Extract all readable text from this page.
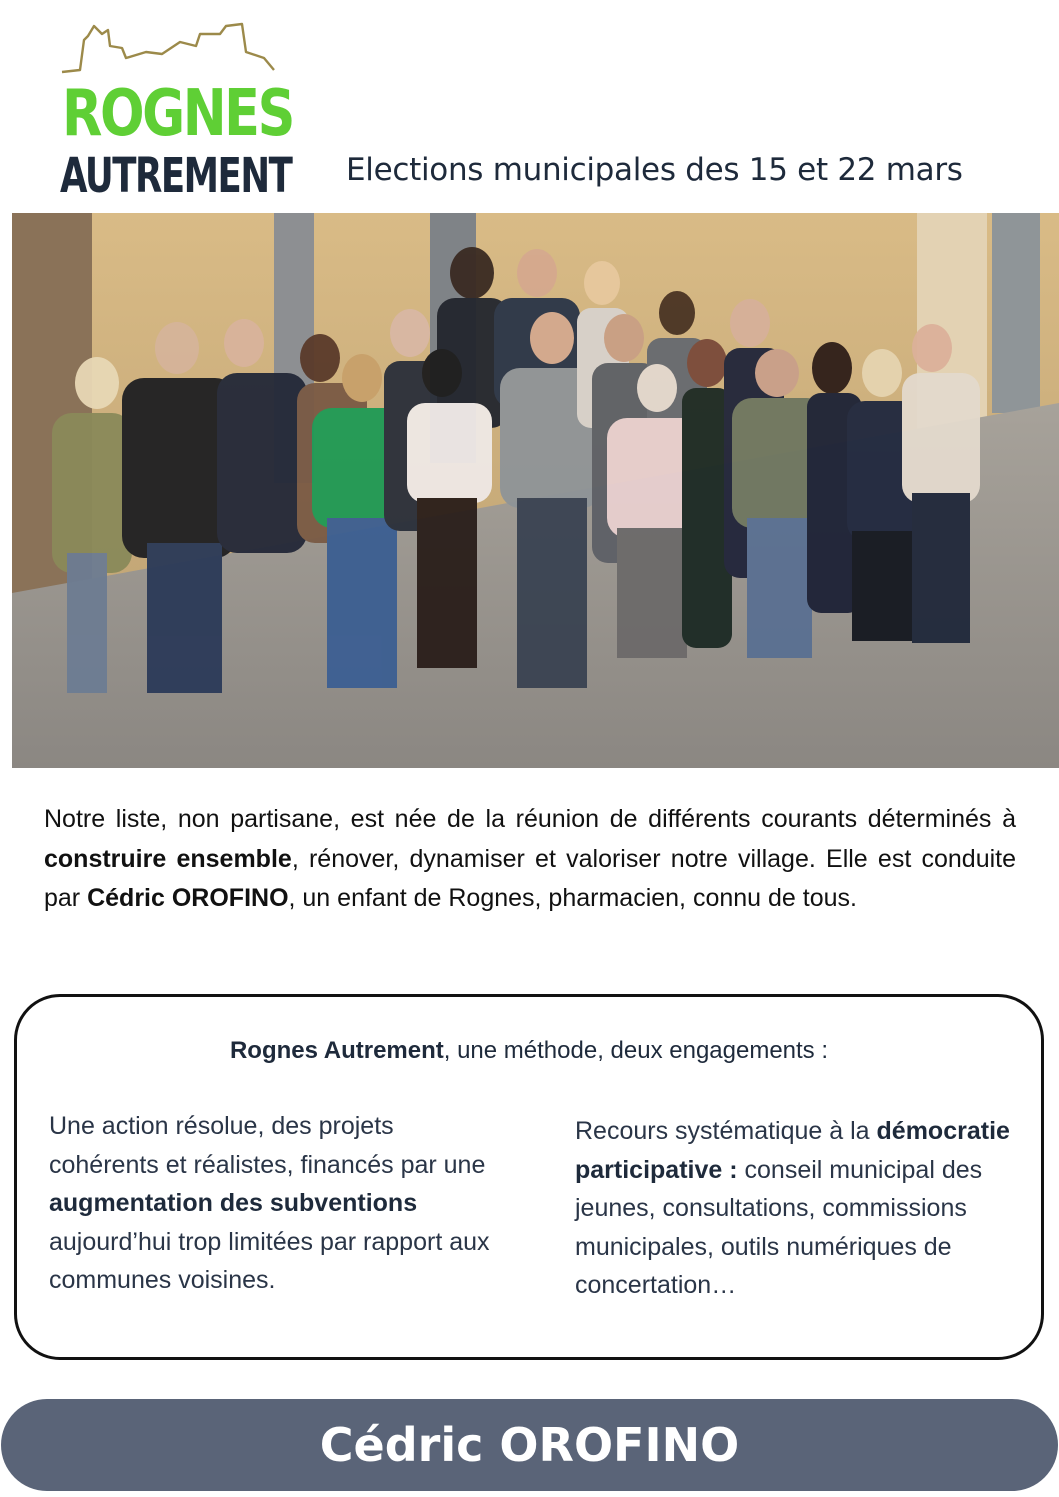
ROGNES
AUTREMENT Elections municipales des 15 et 22 mars
Notre liste, non partisane, est née de la réunion de différents courants déterminés à construire ensemble, rénover, dynamiser et valoriser notre village. Elle est conduite par Cédric OROFINO, un enfant de Rognes, pharmacien, connu de tous.
Rognes Autrement, une méthode, deux engagements :
Une action résolue, des projets cohérents et réalistes, financés par une augmentation des subventions aujourd’hui trop limitées par rapport aux communes voisines.
Recours systématique à la démocratie participative : conseil municipal des jeunes, consultations, commissions municipales, outils numériques de concertation…
Cédric OROFINO
